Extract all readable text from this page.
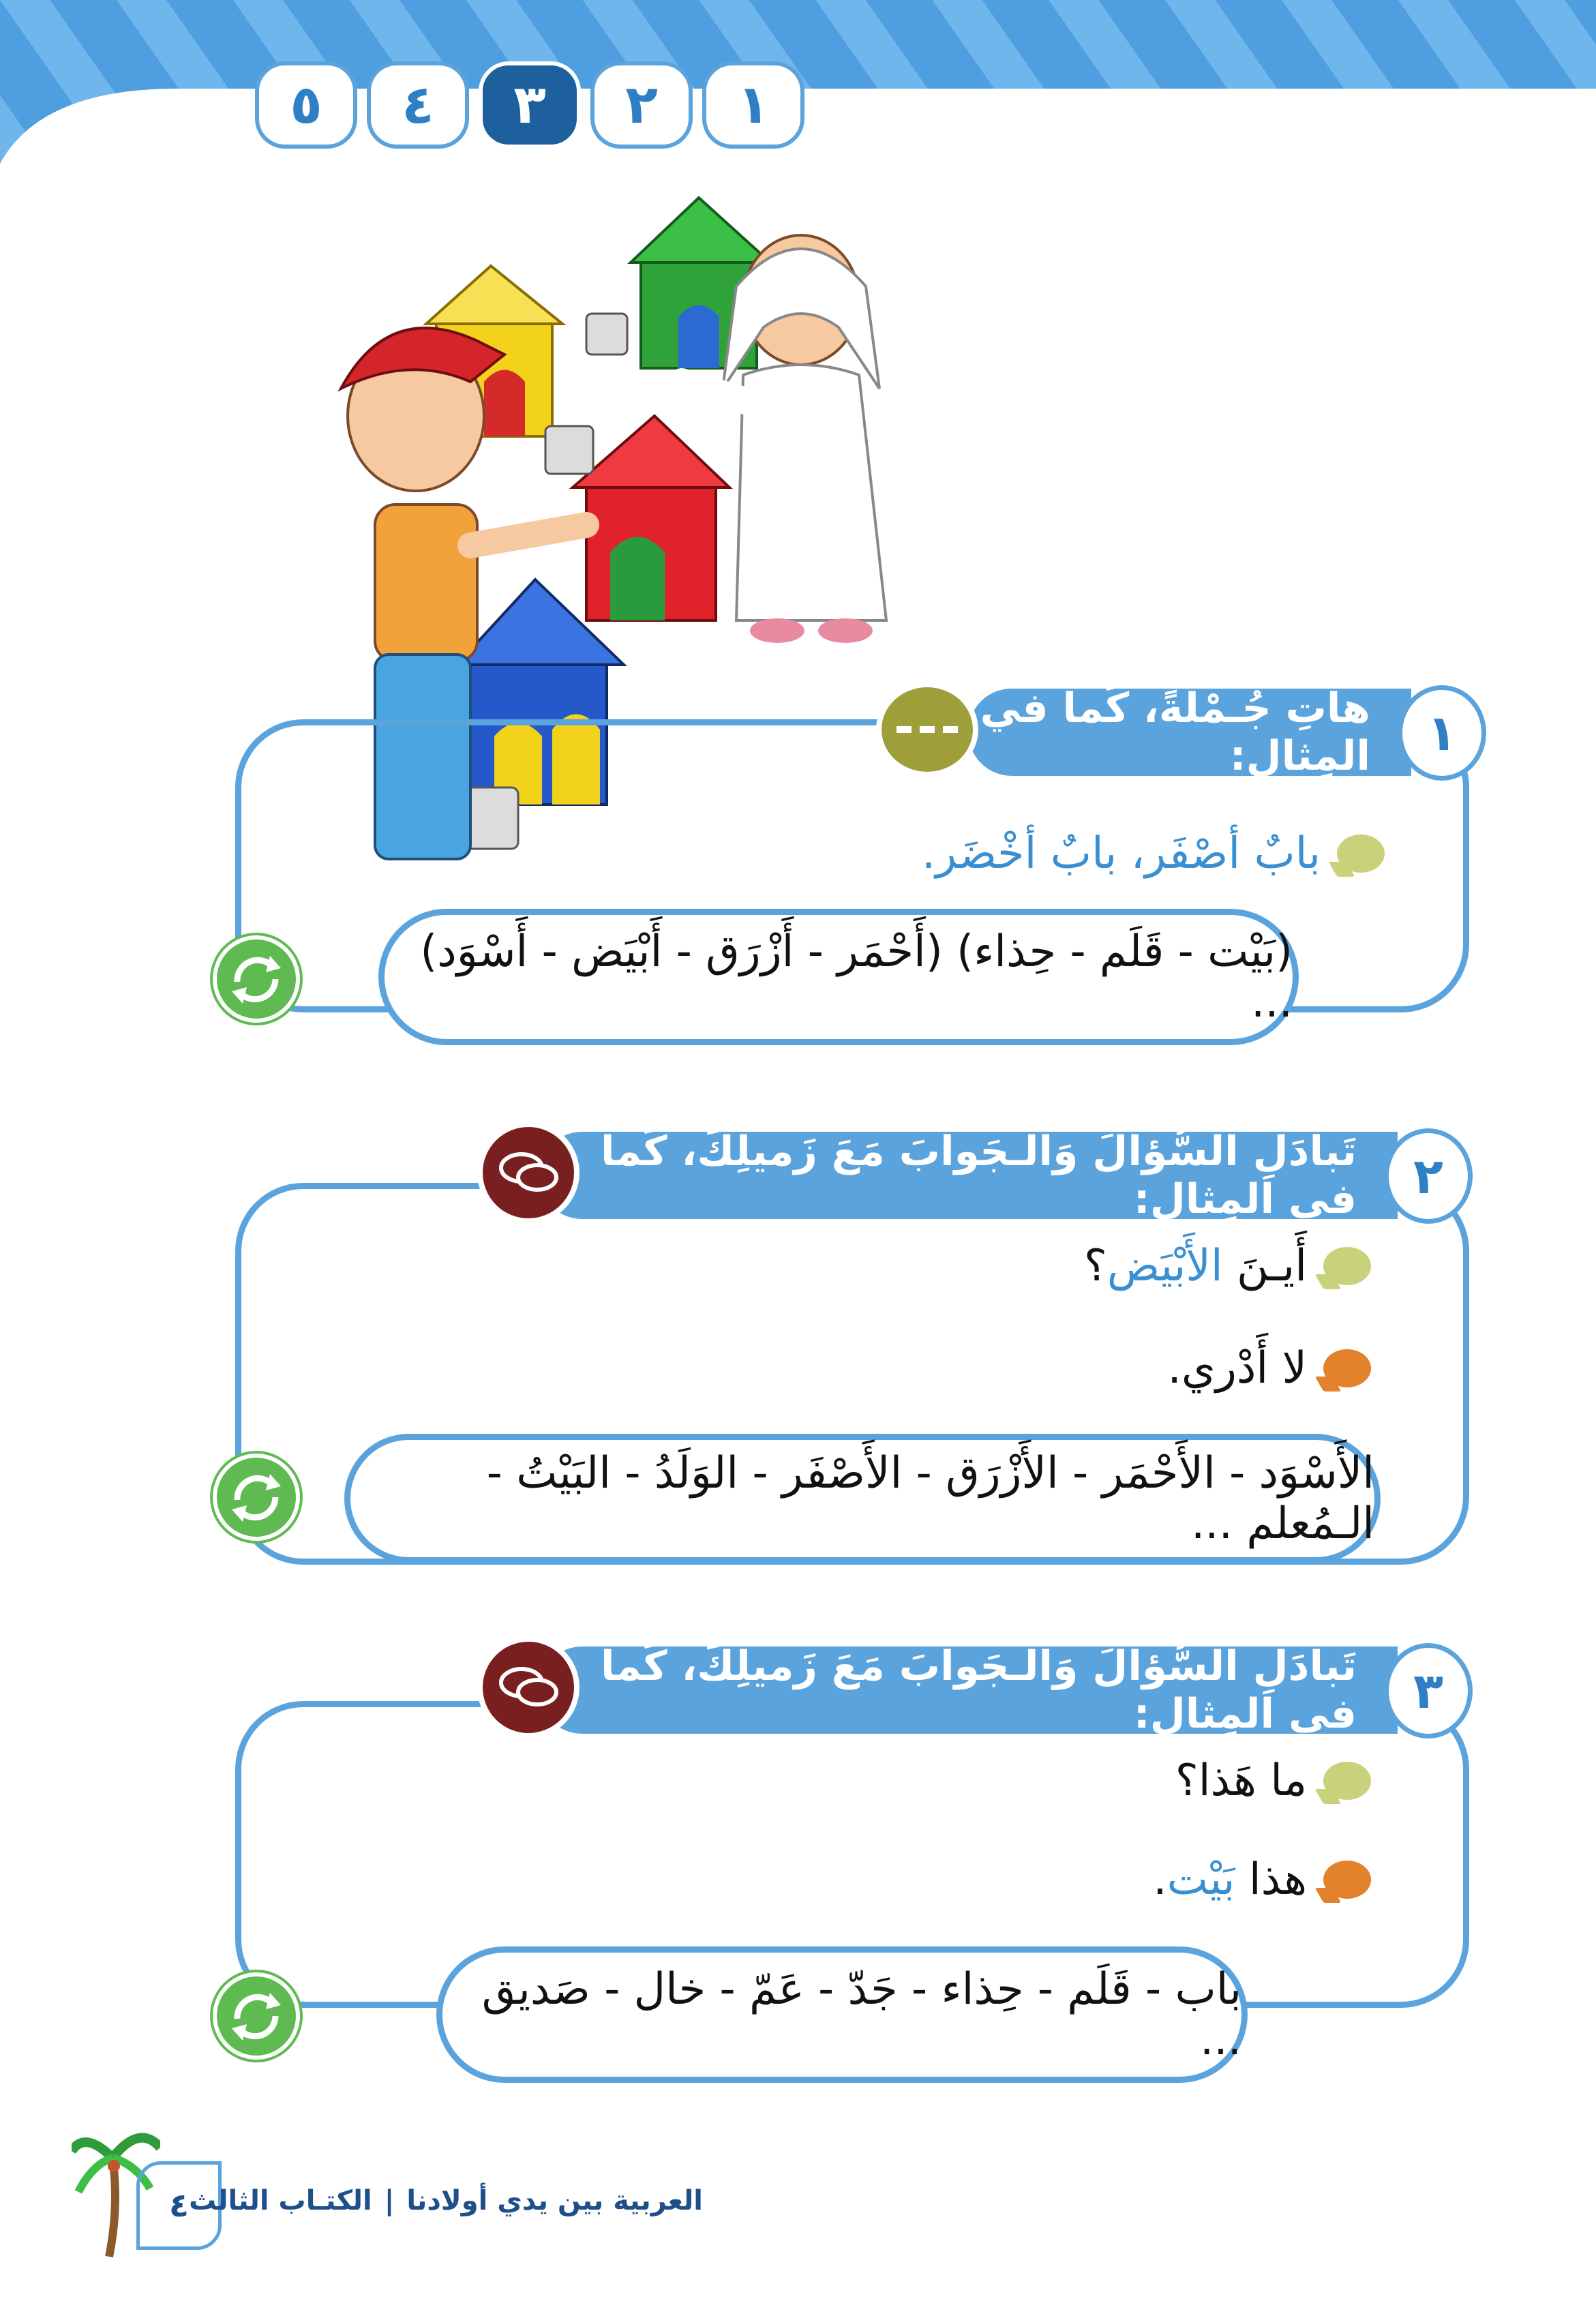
١
٢
٣
٤
٥
هاتِ جُـمْلَةً، كَما في المِثالِ:	١
بابٌ أصْفَر، بابٌ أخْضَر.
(بَيْت - قَلَم - حِذاء) (أَحْمَر - أَزْرَق - أَبْيَض - أَسْوَد) ...
تَبادَلِ السُّؤالَ وَالـجَوابَ مَعَ زَميلِكَ، كَما في المِثالِ:	٢
أَيـنَ الأَبْيَض؟
لا أَدْري.
الأَسْوَد - الأَحْمَر - الأَزْرَق - الأَصْفَر - الوَلَدُ - البَيْتُ - الـمُعلم ...
تَبادَلِ السُّؤالَ وَالـجَوابَ مَعَ زَميلِكَ، كَما في المِثالِ:	٣
ما هَذا؟
هذا بَيْت.
باب - قَلَم - حِذاء - جَدّ - عَمّ - خال - صَديق ...
٤	العربية بين يدي أولادنا
|
الكتـاب الثالث
